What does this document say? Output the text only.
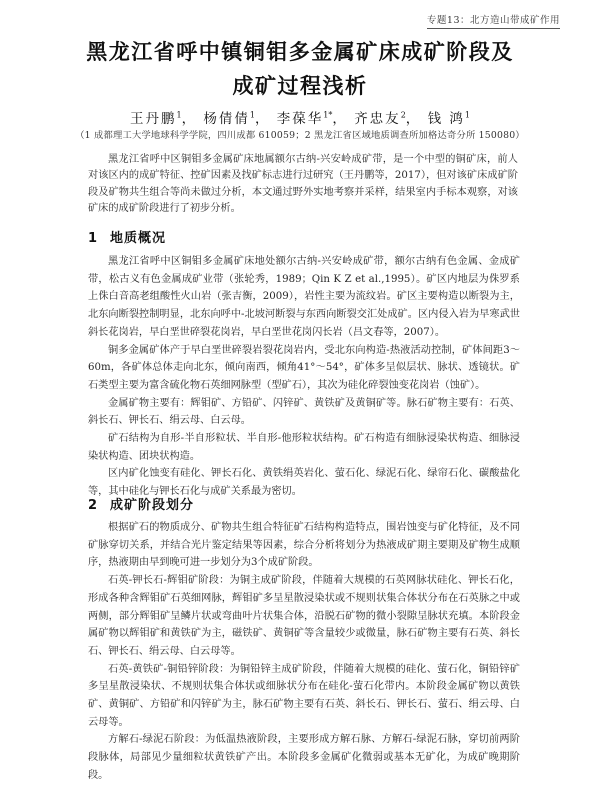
专题13：北方造山带成矿作用
黑龙江省呼中镇铜钼多金属矿床成矿阶段及
成矿过程浅析
王丹鹏$^1$， 杨倩倩$^1$， 李葆华$^{1*}$， 齐忠友$^2$， 钱 鸿$^1$
（1 成都理工大学地球科学学院，四川成都 610059；2 黑龙江省区域地质调查所加格达奇分所 150080）
黑龙江省呼中区铜钼多金属矿床地属额尔古纳-兴安岭成矿带，是一个中型的铜矿床，前人对该区内的成矿特征、控矿因素及找矿标志进行过研究（王丹鹏等，2017），但对该矿床成矿阶段及矿物共生组合等尚未做过分析，本文通过野外实地考察并采样，结果室内手标本观察，对该矿床的成矿阶段进行了初步分析。
1 地质概况

黑龙江省呼中区铜钼多金属矿床地处额尔古纳-兴安岭成矿带，额尔古纳有色金属、金成矿带，松古义有色金属成矿业带（张轮秀，1989；Qin K Z et al.,1995）。矿区内地层为侏罗系上侏白音高老组酸性火山岩（张吉衡，2009），岩性主要为流纹岩。矿区主要构造以断裂为主，北东向断裂控制明显，北东向呼中-北坡河断裂与东西向断裂交汇处成矿。区内侵入岩为早寒武世斜长花岗岩，早白垩世碎裂花岗岩，早白垩世花岗闪长岩（吕文春等，2007）。

铜多金属矿体产于早白垩世碎裂岩裂花岗岩内，受北东向构造-热液活动控制，矿体间距3～60m，各矿体总体走向北东，倾向南西，倾角41°～54°，矿体多呈似层状、脉状、透镜状。矿石类型主要为富含硫化物石英细网脉型（型矿石），其次为硅化碎裂蚀变花岗岩（蚀矿）。

金属矿物主要有：辉钼矿、方铅矿、闪锌矿、黄铁矿及黄铜矿等。脉石矿物主要有：石英、斜长石、钾长石、绢云母、白云母。

矿石结构为自形-半自形粒状、半自形-他形粒状结构。矿石构造有细脉浸染状构造、细脉浸染状构造、团块状构造。

区内矿化蚀变有硅化、钾长石化、黄铁绢英岩化、萤石化、绿泥石化、绿帘石化、碳酸盐化等，其中硅化与钾长石化与成矿关系最为密切。

2 成矿阶段划分

根据矿石的物质成分、矿物共生组合特征矿石结构构造特点，围岩蚀变与矿化特征，及不同矿脉穿切关系，并结合光片鉴定结果等因素，综合分析将划分为热液成矿期主要期及矿物生成顺序，热液期由早到晚可进一步划分为3个成矿阶段。

石英-钾长石-辉钼矿阶段：为铜主成矿阶段，伴随着大规模的石英网脉状硅化、钾长石化，形成各种含辉钼矿石英细网脉，辉钼矿多呈星散浸染状或不规则状集合体状分布在石英脉之中或两侧，部分辉钼矿呈鳞片状或弯曲叶片状集合体，沿脱石矿物的微小裂隙呈脉状充填。本阶段金属矿物以辉钼矿和黄铁矿为主，磁铁矿、黄铜矿等含量较少或微量，脉石矿物主要有石英、斜长石、钾长石、绢云母、白云母等。

石英-黄铁矿-铜铅锌阶段：为铜铅锌主成矿阶段，伴随着大规模的硅化、萤石化，铜铅锌矿多呈星散浸染状、不规则状集合体状或细脉状分布在硅化-萤石化带内。本阶段金属矿物以黄铁矿、黄铜矿、方铅矿和闪锌矿为主，脉石矿物主要有石英、斜长石、钾长石、萤石、绢云母、白云母等。

方解石-绿泥石阶段：为低温热液阶段，主要形成方解石脉、方解石-绿泥石脉，穿切前两阶段脉体，局部见少量细粒状黄铁矿产出。本阶段多金属矿化微弱或基本无矿化，为成矿晚期阶段。
